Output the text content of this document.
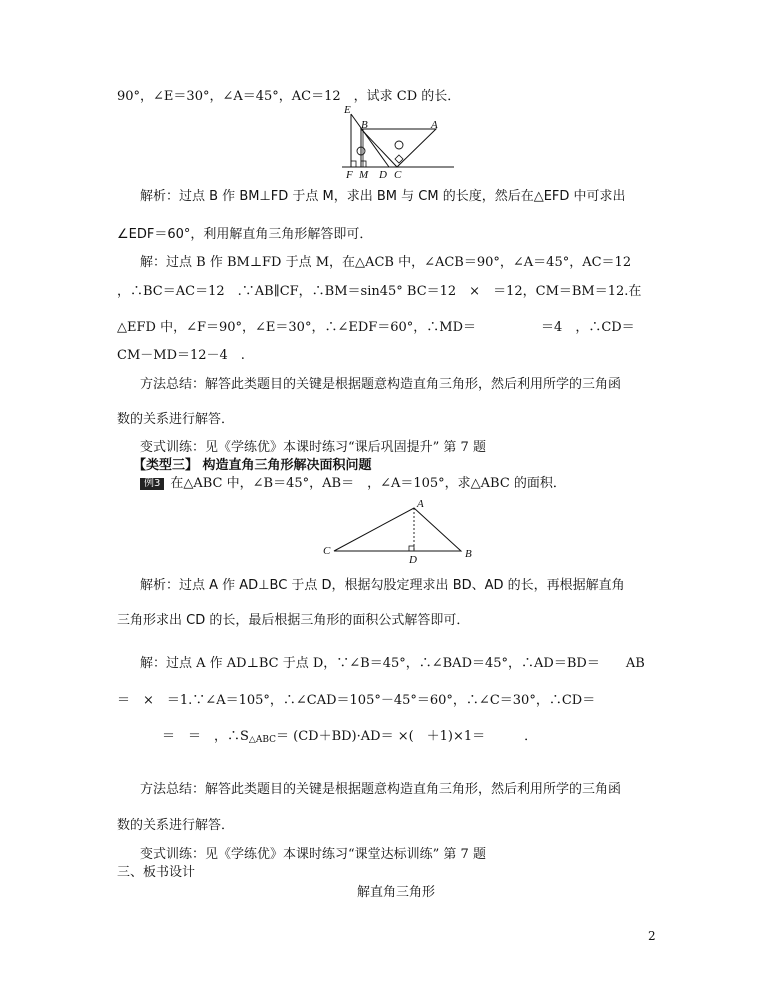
90°，∠E＝30°，∠A＝45°，AC＝12　，试求 CD 的长．
E
B	A
F M D C
解析：过点 B 作 BM⊥FD 于点 M，求出 BM 与 CM 的长度，然后在△EFD 中可求出
∠EDF＝60°，利用解直角三角形解答即可．
解：过点 B 作 BM⊥FD 于点 M，在△ACB 中，∠ACB＝90°，∠A＝45°，AC＝12
，∴BC＝AC＝12　.∵AB∥CF，∴BM＝sin45° BC＝12　×　＝12，CM＝BM＝12.在
△EFD 中，∠F＝90°，∠E＝30°，∴∠EDF＝60°，∴MD＝　　　　　＝4　，∴CD＝
CM－MD＝12－4　.
方法总结：解答此类题目的关键是根据题意构造直角三角形，然后利用所学的三角函
数的关系进行解答．
变式训练：见《学练优》本课时练习“课后巩固提升” 第 7 题
【类型三】 构造直角三角形解决面积问题
例3 在△ABC 中，∠B＝45°，AB＝　，∠A＝105°，求△ABC 的面积．
A
C
D	B
解析：过点 A 作 AD⊥BC 于点 D，根据勾股定理求出 BD、AD 的长，再根据解直角
三角形求出 CD 的长，最后根据三角形的面积公式解答即可．
解：过点 A 作 AD⊥BC 于点 D，∵∠B＝45°，∴∠BAD＝45°，∴AD＝BD＝　　AB
＝　×　＝1.∵∠A＝105°，∴∠CAD＝105°－45°＝60°，∴∠C＝30°，∴CD＝
＝　＝　，$\therefore S_{\triangle ABC}= (CD+BD)\cdot AD=$ ×(　＋1)×1＝　　　．
方法总结：解答此类题目的关键是根据题意构造直角三角形，然后利用所学的三角函
数的关系进行解答．
变式训练：见《学练优》本课时练习“课堂达标训练” 第 7 题
三、板书设计
解直角三角形
2
